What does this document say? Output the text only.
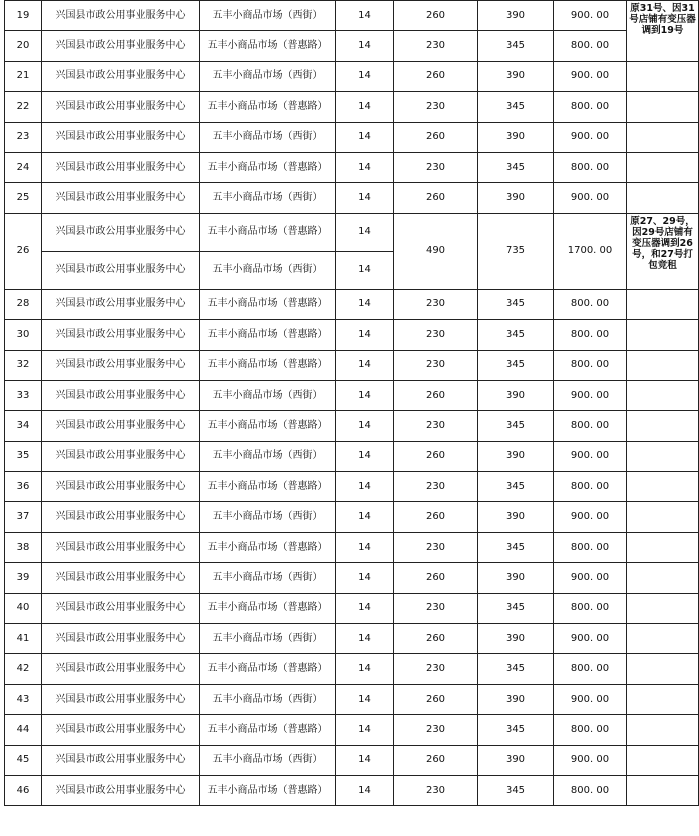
19	兴国县市政公用事业服务中心	五丰小商品市场（西街）	14	260	390	900. 00	原31号、因31号店铺有变压器调到19号
20	兴国县市政公用事业服务中心	五丰小商品市场（普惠路）	14	230	345	800. 00	
21	兴国县市政公用事业服务中心	五丰小商品市场（西街）	14	260	390	900. 00	
22	兴国县市政公用事业服务中心	五丰小商品市场（普惠路）	14	230	345	800. 00	
23	兴国县市政公用事业服务中心	五丰小商品市场（西街）	14	260	390	900. 00	
24	兴国县市政公用事业服务中心	五丰小商品市场（普惠路）	14	230	345	800. 00	
25	兴国县市政公用事业服务中心	五丰小商品市场（西街）	14	260	390	900. 00	
26	兴国县市政公用事业服务中心	五丰小商品市场（普惠路）	14	490	735	1700. 00	原27、29号，因29号店铺有变压器调到26号，和27号打包竞租
	兴国县市政公用事业服务中心	五丰小商品市场（西街）	14				
28	兴国县市政公用事业服务中心	五丰小商品市场（普惠路）	14	230	345	800. 00	
30	兴国县市政公用事业服务中心	五丰小商品市场（普惠路）	14	230	345	800. 00	
32	兴国县市政公用事业服务中心	五丰小商品市场（普惠路）	14	230	345	800. 00	
33	兴国县市政公用事业服务中心	五丰小商品市场（西街）	14	260	390	900. 00	
34	兴国县市政公用事业服务中心	五丰小商品市场（普惠路）	14	230	345	800. 00	
35	兴国县市政公用事业服务中心	五丰小商品市场（西街）	14	260	390	900. 00	
36	兴国县市政公用事业服务中心	五丰小商品市场（普惠路）	14	230	345	800. 00	
37	兴国县市政公用事业服务中心	五丰小商品市场（西街）	14	260	390	900. 00	
38	兴国县市政公用事业服务中心	五丰小商品市场（普惠路）	14	230	345	800. 00	
39	兴国县市政公用事业服务中心	五丰小商品市场（西街）	14	260	390	900. 00	
40	兴国县市政公用事业服务中心	五丰小商品市场（普惠路）	14	230	345	800. 00	
41	兴国县市政公用事业服务中心	五丰小商品市场（西街）	14	260	390	900. 00	
42	兴国县市政公用事业服务中心	五丰小商品市场（普惠路）	14	230	345	800. 00	
43	兴国县市政公用事业服务中心	五丰小商品市场（西街）	14	260	390	900. 00	
44	兴国县市政公用事业服务中心	五丰小商品市场（普惠路）	14	230	345	800. 00	
45	兴国县市政公用事业服务中心	五丰小商品市场（西街）	14	260	390	900. 00	
46	兴国县市政公用事业服务中心	五丰小商品市场（普惠路）	14	230	345	800. 00	
